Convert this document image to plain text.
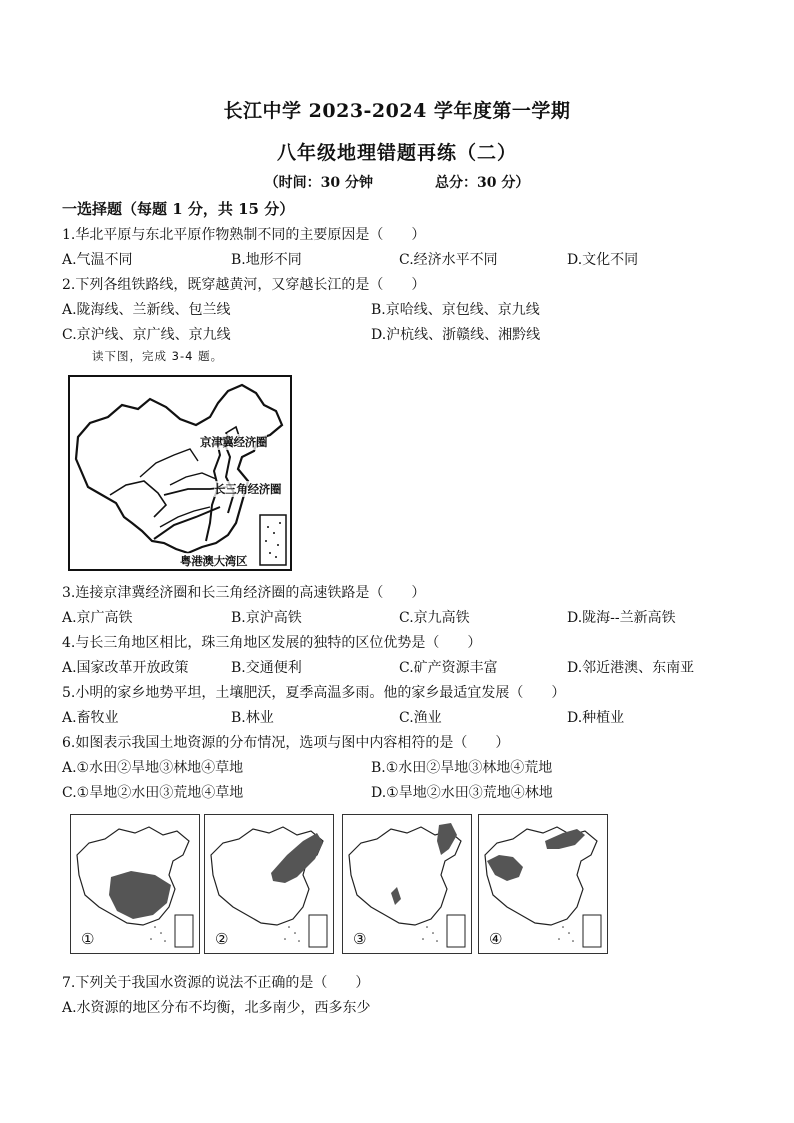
长江中学 2023-2024 学年度第一学期
八年级地理错题再练（二）
（时间：30 分钟	总分：30 分）
一选择题（每题 1 分，共 15 分）
1.华北平原与东北平原作物熟制不同的主要原因是（　　）
A.气温不同	B.地形不同	C.经济水平不同	D.文化不同
2.下列各组铁路线，既穿越黄河，又穿越长江的是（　　）
A.陇海线、兰新线、包兰线	B.京哈线、京包线、京九线
C.京沪线、京广线、京九线	D.沪杭线、浙赣线、湘黔线
读下图，完成 3-4 题。
京津冀经济圈
长三角经济圈
粤港澳大湾区
3.连接京津冀经济圈和长三角经济圈的高速铁路是（　　）
A.京广高铁	B.京沪高铁	C.京九高铁	D.陇海--兰新高铁
4.与长三角地区相比，珠三角地区发展的独特的区位优势是（　　）
A.国家改革开放政策	B.交通便利	C.矿产资源丰富	D.邻近港澳、东南亚
5.小明的家乡地势平坦，土壤肥沃，夏季高温多雨。他的家乡最适宜发展（　　）
A.畜牧业	B.林业	C.渔业	D.种植业
6.如图表示我国土地资源的分布情况，选项与图中内容相符的是（　　）
A.①水田②旱地③林地④草地	B.①水田②旱地③林地④荒地
C.①旱地②水田③荒地④草地	D.①旱地②水田③荒地④林地
①	②	③	④
7.下列关于我国水资源的说法不正确的是（　　）
A.水资源的地区分布不均衡，北多南少，西多东少
